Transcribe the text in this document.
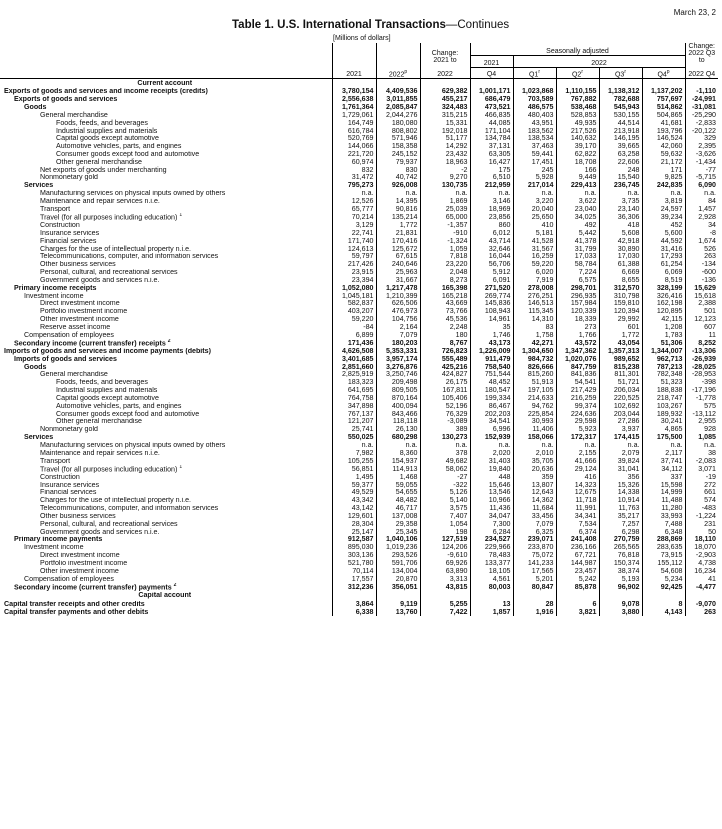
March 23, 2
Table 1. U.S. International Transactions—Continues
[Millions of dollars]
	2021	2022$^p$	Change:
2021 to

2022	Seasonally adjusted					Change:
2022 Q3 to

2022 Q4
				2021	2022				
				Q4	Q1$^r$	Q2$^r$	Q3$^r$	Q4$^p$
Current account									
Exports of goods and services and income receipts (credits)	3,780,154	4,409,536	629,382	1,001,171	1,023,868	1,110,155	1,138,312	1,137,202	-1,110
Exports of goods and services	2,556,638	3,011,855	455,217	686,479	703,589	767,882	782,688	757,697	-24,991
Goods	1,761,364	2,085,847	324,483	473,521	486,575	538,468	545,943	514,862	-31,081
General merchandise	1,729,061	2,044,276	315,215	466,835	480,403	528,853	530,155	504,865	-25,290
Foods, feeds, and beverages	164,749	180,080	15,331	44,085	43,951	49,935	44,514	41,681	-2,833
Industrial supplies and materials	616,784	808,802	192,018	171,104	183,562	217,526	213,918	193,796	-20,122
Capital goods except automotive	520,769	571,946	51,177	134,784	138,534	140,632	146,195	146,524	329
Automotive vehicles, parts, and engines	144,066	158,358	14,292	37,131	37,463	39,170	39,665	42,060	2,395
Consumer goods except food and automotive	221,720	245,152	23,432	63,305	59,441	62,822	63,258	59,632	-3,626
Other general merchandise	60,974	79,937	18,963	16,427	17,451	18,708	22,606	21,172	-1,434
Net exports of goods under merchanting	832	830	-2	175	245	166	248	171	-77
Nonmonetary gold	31,472	40,742	9,270	6,510	5,928	9,449	15,540	9,825	-5,715
Services	795,273	926,008	130,735	212,959	217,014	229,413	236,745	242,835	6,090
Manufacturing services on physical inputs owned by others	n.a.	n.a.	n.a.	n.a.	n.a.	n.a.	n.a.	n.a.	n.a.
Maintenance and repair services n.i.e.	12,526	14,395	1,869	3,146	3,220	3,622	3,735	3,819	84
Transport	65,777	90,816	25,039	18,969	20,040	23,040	23,140	24,597	1,457
Travel (for all purposes including education) $^1$	70,214	135,214	65,000	23,856	25,650	34,025	36,306	39,234	2,928
Construction	3,129	1,772	-1,357	860	410	492	418	452	34
Insurance services	22,741	21,831	-910	6,012	5,181	5,442	5,608	5,600	-8
Financial services	171,740	170,416	-1,324	43,714	41,528	41,378	42,918	44,592	1,674
Charges for the use of intellectual property n.i.e.	124,613	125,672	1,059	32,646	31,567	31,799	30,890	31,416	526
Telecommunications, computer, and information services	59,797	67,615	7,818	16,044	16,259	17,033	17,030	17,293	263
Other business services	217,426	240,646	23,220	56,706	59,220	58,784	61,388	61,254	-134
Personal, cultural, and recreational services	23,915	25,963	2,048	5,912	6,020	7,224	6,669	6,069	-600
Government goods and services n.i.e.	23,394	31,667	8,273	6,091	7,919	6,575	8,655	8,519	-136
Primary income receipts	1,052,080	1,217,478	165,398	271,520	278,008	298,701	312,570	328,199	15,629
Investment income	1,045,181	1,210,399	165,218	269,774	276,251	296,935	310,798	326,416	15,618
Direct investment income	582,837	626,506	43,669	145,836	146,513	157,984	159,810	162,198	2,388
Portfolio investment income	403,207	476,973	73,766	108,943	115,345	120,339	120,394	120,895	501
Other investment income	59,220	104,756	45,536	14,961	14,310	18,339	29,992	42,115	12,123
Reserve asset income	-84	2,164	2,248	35	83	273	601	1,208	607
Compensation of employees	6,899	7,079	180	1,746	1,758	1,766	1,772	1,783	11
Secondary income (current transfer) receipts $^2$	171,436	180,203	8,767	43,173	42,271	43,572	43,054	51,306	8,252
Imports of goods and services and income payments (debits)	4,626,508	5,353,331	726,823	1,226,009	1,304,650	1,347,362	1,357,313	1,344,007	-13,306
Imports of goods and services	3,401,685	3,957,174	555,489	911,479	984,732	1,020,076	989,652	962,713	-26,939
Goods	2,851,660	3,276,876	425,216	758,540	826,666	847,759	815,238	787,213	-28,025
General merchandise	2,825,919	3,250,746	424,827	751,544	815,260	841,836	811,301	782,348	-28,953
Foods, feeds, and beverages	183,323	209,498	26,175	48,452	51,913	54,541	51,721	51,323	-398
Industrial supplies and materials	641,695	809,505	167,811	180,547	197,105	217,429	206,034	188,838	-17,196
Capital goods except automotive	764,758	870,164	105,406	199,334	214,633	216,259	220,525	218,747	-1,778
Automotive vehicles, parts, and engines	347,898	400,094	52,196	86,467	94,762	99,374	102,692	103,267	575
Consumer goods except food and automotive	767,137	843,466	76,329	202,203	225,854	224,636	203,044	189,932	-13,112
Other general merchandise	121,207	118,118	-3,089	34,541	30,993	29,598	27,286	30,241	2,955
Nonmonetary gold	25,741	26,130	389	6,996	11,406	5,923	3,937	4,865	928
Services	550,025	680,298	130,273	152,939	158,066	172,317	174,415	175,500	1,085
Manufacturing services on physical inputs owned by others	n.a.	n.a.	n.a.	n.a.	n.a.	n.a.	n.a.	n.a.	n.a.
Maintenance and repair services n.i.e.	7,982	8,360	378	2,020	2,010	2,155	2,079	2,117	38
Transport	105,255	154,937	49,682	31,403	35,705	41,666	39,824	37,741	-2,083
Travel (for all purposes including education) $^1$	56,851	114,913	58,062	19,840	20,636	29,124	31,041	34,112	3,071
Construction	1,495	1,468	-27	448	359	416	356	337	-19
Insurance services	59,377	59,055	-322	15,646	13,807	14,323	15,326	15,598	272
Financial services	49,529	54,655	5,126	13,546	12,643	12,675	14,338	14,999	661
Charges for the use of intellectual property n.i.e.	43,342	48,482	5,140	10,966	14,362	11,718	10,914	11,488	574
Telecommunications, computer, and information services	43,142	46,717	3,575	11,436	11,684	11,991	11,763	11,280	-483
Other business services	129,601	137,008	7,407	34,047	33,456	34,341	35,217	33,993	-1,224
Personal, cultural, and recreational services	28,304	29,358	1,054	7,300	7,079	7,534	7,257	7,488	231
Government goods and services n.i.e.	25,147	25,345	198	6,284	6,325	6,374	6,298	6,348	50
Primary income payments	912,587	1,040,106	127,519	234,527	239,071	241,408	270,759	288,869	18,110
Investment income	895,030	1,019,236	124,206	229,966	233,870	236,166	265,565	283,635	18,070
Direct investment income	303,136	293,526	-9,610	78,483	75,072	67,721	76,818	73,915	-2,903
Portfolio investment income	521,780	591,706	69,926	133,377	141,233	144,987	150,374	155,112	4,738
Other investment income	70,114	134,004	63,890	18,105	17,565	23,457	38,374	54,608	16,234
Compensation of employees	17,557	20,870	3,313	4,561	5,201	5,242	5,193	5,234	41
Secondary income (current transfer) payments $^2$	312,236	356,051	43,815	80,003	80,847	85,878	96,902	92,425	-4,477
Capital account									
Capital transfer receipts and other credits	3,864	9,119	5,255	13	28	6	9,078	8	-9,070
Capital transfer payments and other debits	6,338	13,760	7,422	1,857	1,916	3,821	3,880	4,143	263
